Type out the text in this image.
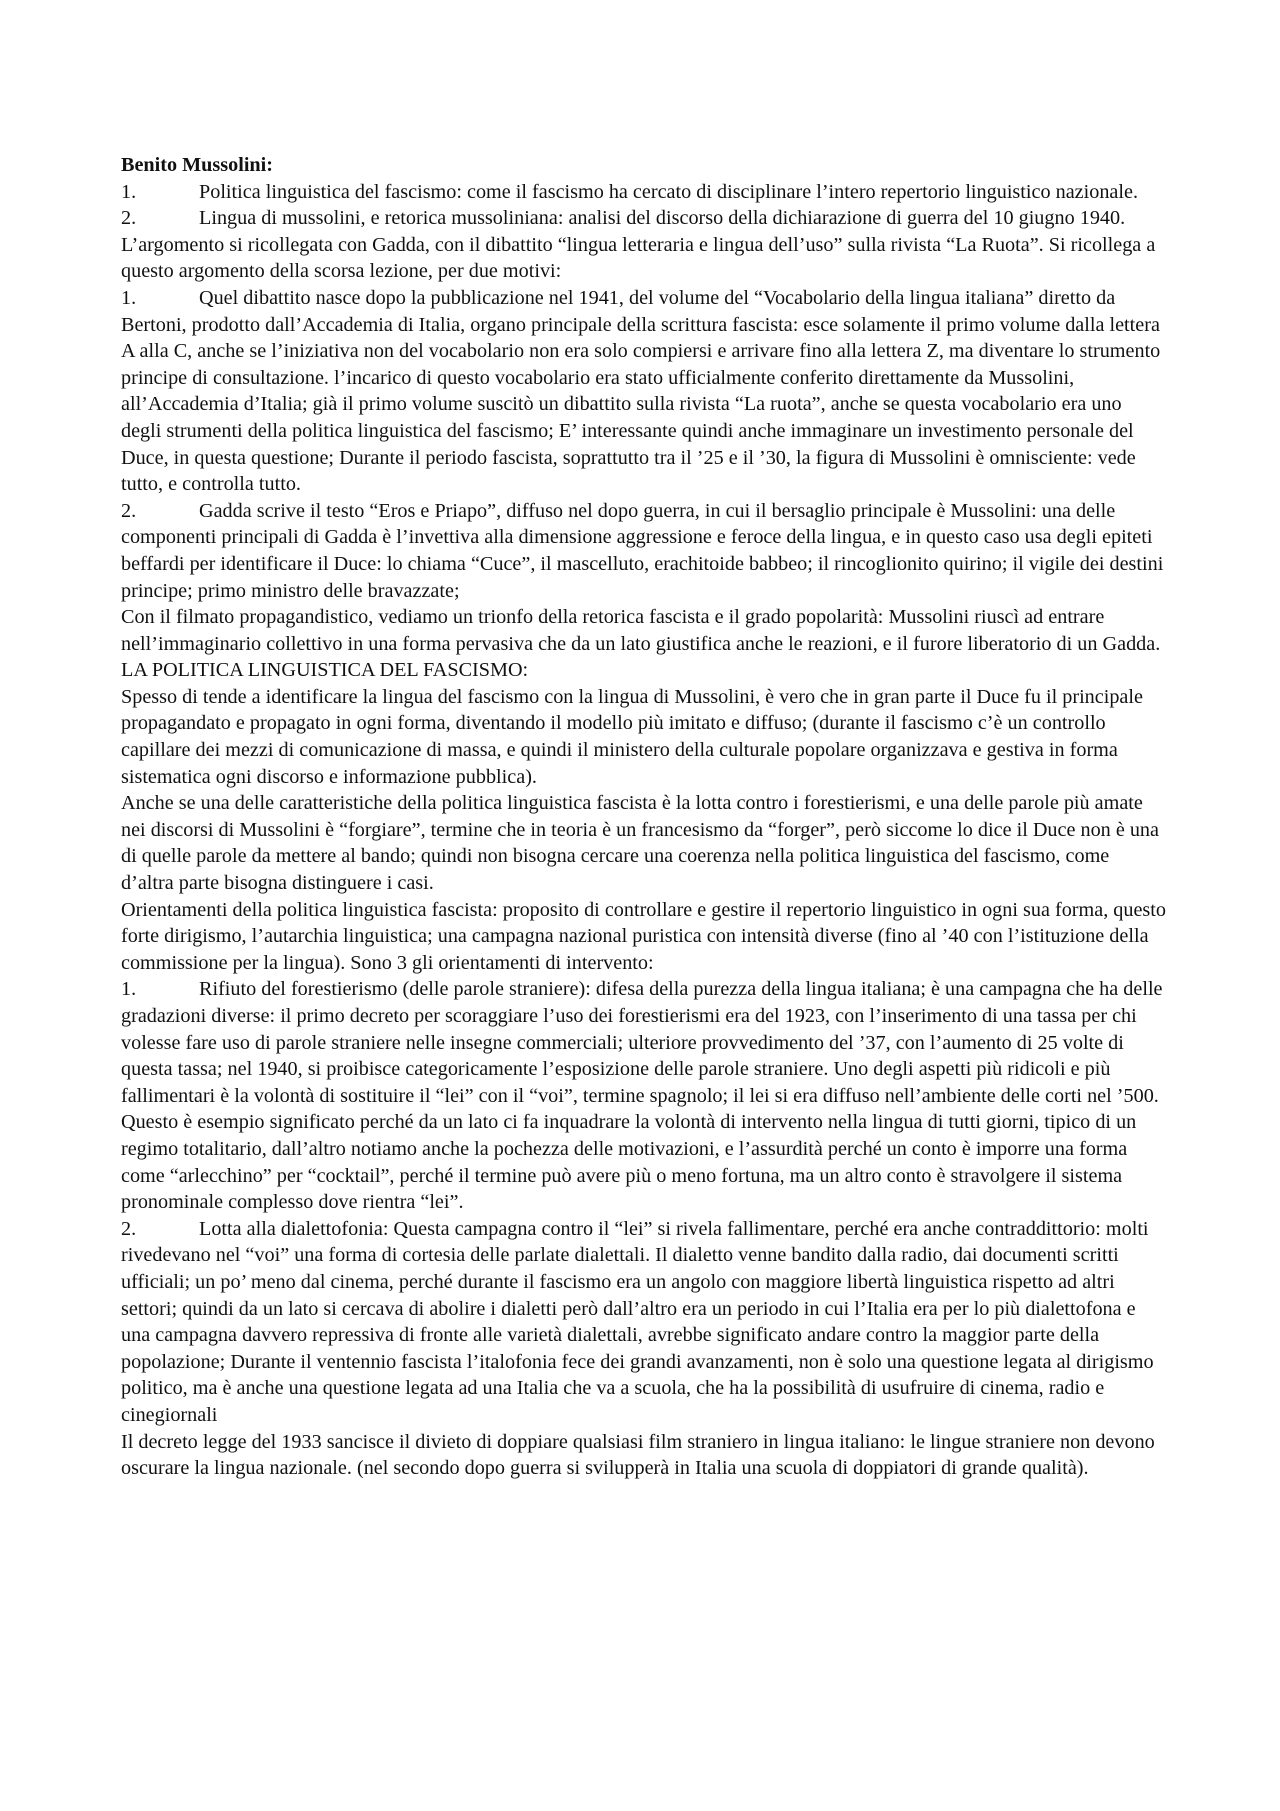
Benito Mussolini:

1.	Politica linguistica del fascismo: come il fascismo ha cercato di disciplinare l’intero repertorio linguistico nazionale.

2.	Lingua di mussolini, e retorica mussoliniana: analisi del discorso della dichiarazione di guerra del 10 giugno 1940.

L’argomento si ricollegata con Gadda, con il dibattito “lingua letteraria e lingua dell’uso” sulla rivista “La Ruota”. Si ricollega a questo argomento della scorsa lezione, per due motivi:

1.	Quel dibattito nasce dopo la pubblicazione nel 1941, del volume del “Vocabolario della lingua italiana” diretto da Bertoni, prodotto dall’Accademia di Italia, organo principale della scrittura fascista: esce solamente il primo volume dalla lettera A alla C, anche se l’iniziativa non del vocabolario non era solo compiersi e arrivare fino alla lettera Z, ma diventare lo strumento principe di consultazione. l’incarico di questo vocabolario era stato ufficialmente conferito direttamente da Mussolini, all’Accademia d’Italia; già il primo volume suscitò un dibattito sulla rivista “La ruota”, anche se questa vocabolario era uno degli strumenti della politica linguistica del fascismo; E’ interessante quindi anche immaginare un investimento personale del Duce, in questa questione; Durante il periodo fascista, soprattutto tra il ’25 e il ’30, la figura di Mussolini è omnisciente: vede tutto, e controlla tutto.

2.	Gadda scrive il testo “Eros e Priapo”, diffuso nel dopo guerra, in cui il bersaglio principale è Mussolini: una delle componenti principali di Gadda è l’invettiva alla dimensione aggressione e feroce della lingua, e in questo caso usa degli epiteti beffardi per identificare il Duce: lo chiama “Cuce”, il mascelluto, erachitoide babbeo; il rincoglionito quirino; il vigile dei destini principe; primo ministro delle bravazzate;

Con il filmato propagandistico, vediamo un trionfo della retorica fascista e il grado popolarità: Mussolini riuscì ad entrare nell’immaginario collettivo in una forma pervasiva che da un lato giustifica anche le reazioni, e il furore liberatorio di un Gadda.

LA POLITICA LINGUISTICA DEL FASCISMO:

Spesso di tende a identificare la lingua del fascismo con la lingua di Mussolini, è vero che in gran parte il Duce fu il principale propagandato e propagato in ogni forma, diventando il modello più imitato e diffuso; (durante il fascismo c’è un controllo capillare dei mezzi di comunicazione di massa, e quindi il ministero della culturale popolare organizzava e gestiva in forma sistematica ogni discorso e informazione pubblica).

Anche se una delle caratteristiche della politica linguistica fascista è la lotta contro i forestierismi, e una delle parole più amate nei discorsi di Mussolini è “forgiare”, termine che in teoria è un francesismo da “forger”, però siccome lo dice il Duce non è una di quelle parole da mettere al bando; quindi non bisogna cercare una coerenza nella politica linguistica del fascismo, come d’altra parte bisogna distinguere i casi.

Orientamenti della politica linguistica fascista: proposito di controllare e gestire il repertorio linguistico in ogni sua forma, questo forte dirigismo, l’autarchia linguistica; una campagna nazional puristica con intensità diverse (fino al ’40 con l’istituzione della commissione per la lingua). Sono 3 gli orientamenti di intervento:

1.	Rifiuto del forestierismo (delle parole straniere): difesa della purezza della lingua italiana; è una campagna che ha delle gradazioni diverse: il primo decreto per scoraggiare l’uso dei forestierismi era del 1923, con l’inserimento di una tassa per chi volesse fare uso di parole straniere nelle insegne commerciali; ulteriore provvedimento del ’37, con l’aumento di 25 volte di questa tassa; nel 1940, si proibisce categoricamente l’esposizione delle parole straniere. Uno degli aspetti più ridicoli e più fallimentari è la volontà di sostituire il “lei” con il “voi”, termine spagnolo; il lei si era diffuso nell’ambiente delle corti nel ’500. Questo è esempio significato perché da un lato ci fa inquadrare la volontà di intervento nella lingua di tutti giorni, tipico di un regimo totalitario, dall’altro notiamo anche la pochezza delle motivazioni, e l’assurdità perché un conto è imporre una forma come “arlecchino” per “cocktail”, perché il termine può avere più o meno fortuna, ma un altro conto è stravolgere il sistema pronominale complesso dove rientra “lei”.

2.	Lotta alla dialettofonia: Questa campagna contro il “lei” si rivela fallimentare, perché era anche contraddittorio: molti rivedevano nel “voi” una forma di cortesia delle parlate dialettali. Il dialetto venne bandito dalla radio, dai documenti scritti ufficiali; un po’ meno dal cinema, perché durante il fascismo era un angolo con maggiore libertà linguistica rispetto ad altri settori; quindi da un lato si cercava di abolire i dialetti però dall’altro era un periodo in cui l’Italia era per lo più dialettofona e una campagna davvero repressiva di fronte alle varietà dialettali, avrebbe significato andare contro la maggior parte della popolazione; Durante il ventennio fascista l’italofonia fece dei grandi avanzamenti, non è solo una questione legata al dirigismo politico, ma è anche una questione legata ad una Italia che va a scuola, che ha la possibilità di usufruire di cinema, radio e cinegiornali

Il decreto legge del 1933 sancisce il divieto di doppiare qualsiasi film straniero in lingua italiano: le lingue straniere non devono oscurare la lingua nazionale. (nel secondo dopo guerra si svilupperà in Italia una scuola di doppiatori di grande qualità).
